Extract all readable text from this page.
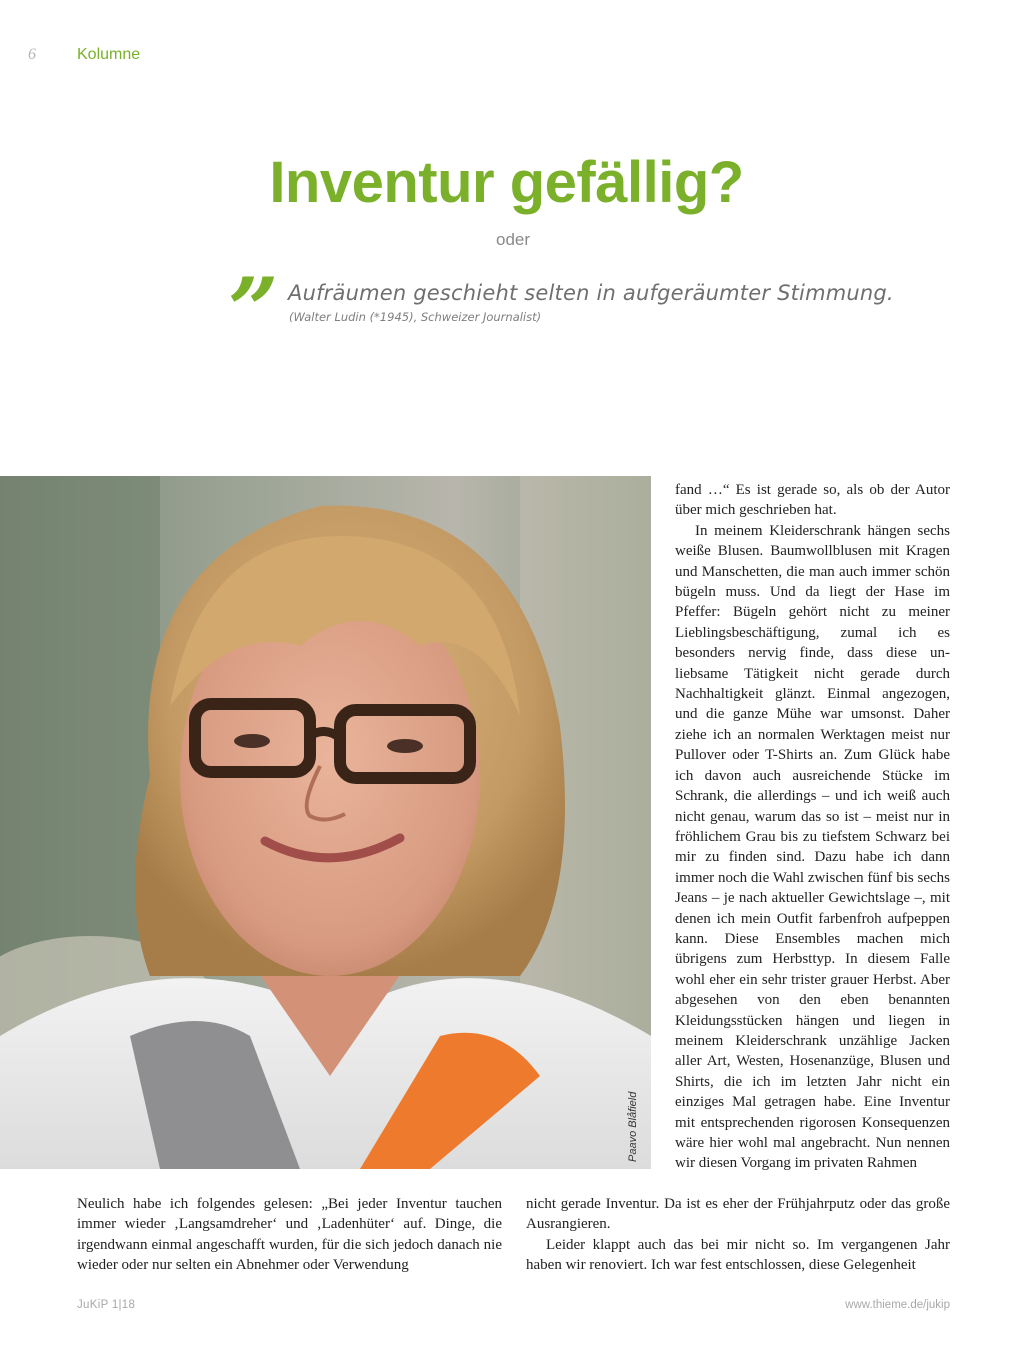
6	Kolumne
Inventur gefällig?
oder
” Aufräumen geschieht selten in aufgeräumter Stimmung.
(Walter Ludin (*1945), Schweizer Journalist)
Paavo Blåfield

fand …“ Es ist gerade so, als ob der Autor über mich geschrieben hat.

In meinem Kleiderschrank hängen sechs weiße Blusen. Baumwollblusen mit Kragen und Manschetten, die man auch immer schön bügeln muss. Und da liegt der Hase im Pfeffer: Bügeln gehört nicht zu meiner Lieblingsbeschäftigung, zumal ich es besonders nervig finde, dass diese unliebsame Tätigkeit nicht gerade durch Nachhaltigkeit glänzt. Einmal angezogen, und die ganze Mühe war umsonst. Daher ziehe ich an normalen Werktagen meist nur Pullover oder T-Shirts an. Zum Glück habe ich davon auch ausreichende Stücke im Schrank, die allerdings – und ich weiß auch nicht genau, warum das so ist – meist nur in fröhlichem Grau bis zu tiefstem Schwarz bei mir zu finden sind. Dazu habe ich dann immer noch die Wahl zwischen fünf bis sechs Jeans – je nach aktueller Gewichtslage –, mit denen ich mein Outfit farbenfroh aufpeppen kann. Diese Ensembles machen mich übrigens zum Herbsttyp. In diesem Falle wohl eher ein sehr trister grauer Herbst. Aber abgesehen von den eben benannten Kleidungsstücken hängen und liegen in meinem Kleiderschrank unzählige Jacken aller Art, Westen, Hosenanzüge, Blusen und Shirts, die ich im letzten Jahr nicht ein einziges Mal getragen habe. Eine Inventur mit entsprechenden rigorosen Konsequenzen wäre hier wohl mal angebracht. Nun nennen wir diesen Vorgang im privaten Rahmen

Neulich habe ich folgendes gelesen: „Bei jeder Inventur tauchen immer wieder ‚Langsamdreher‘ und ‚Ladenhüter‘ auf. Dinge, die irgendwann einmal angeschafft wurden, für die sich jedoch danach nie wieder oder nur selten ein Abnehmer oder Verwendung

nicht gerade Inventur. Da ist es eher der Frühjahrputz oder das große Ausrangieren.

Leider klappt auch das bei mir nicht so. Im vergangenen Jahr haben wir renoviert. Ich war fest entschlossen, diese Gelegenheit

JuKiP 1|18	www.thieme.de/jukip
